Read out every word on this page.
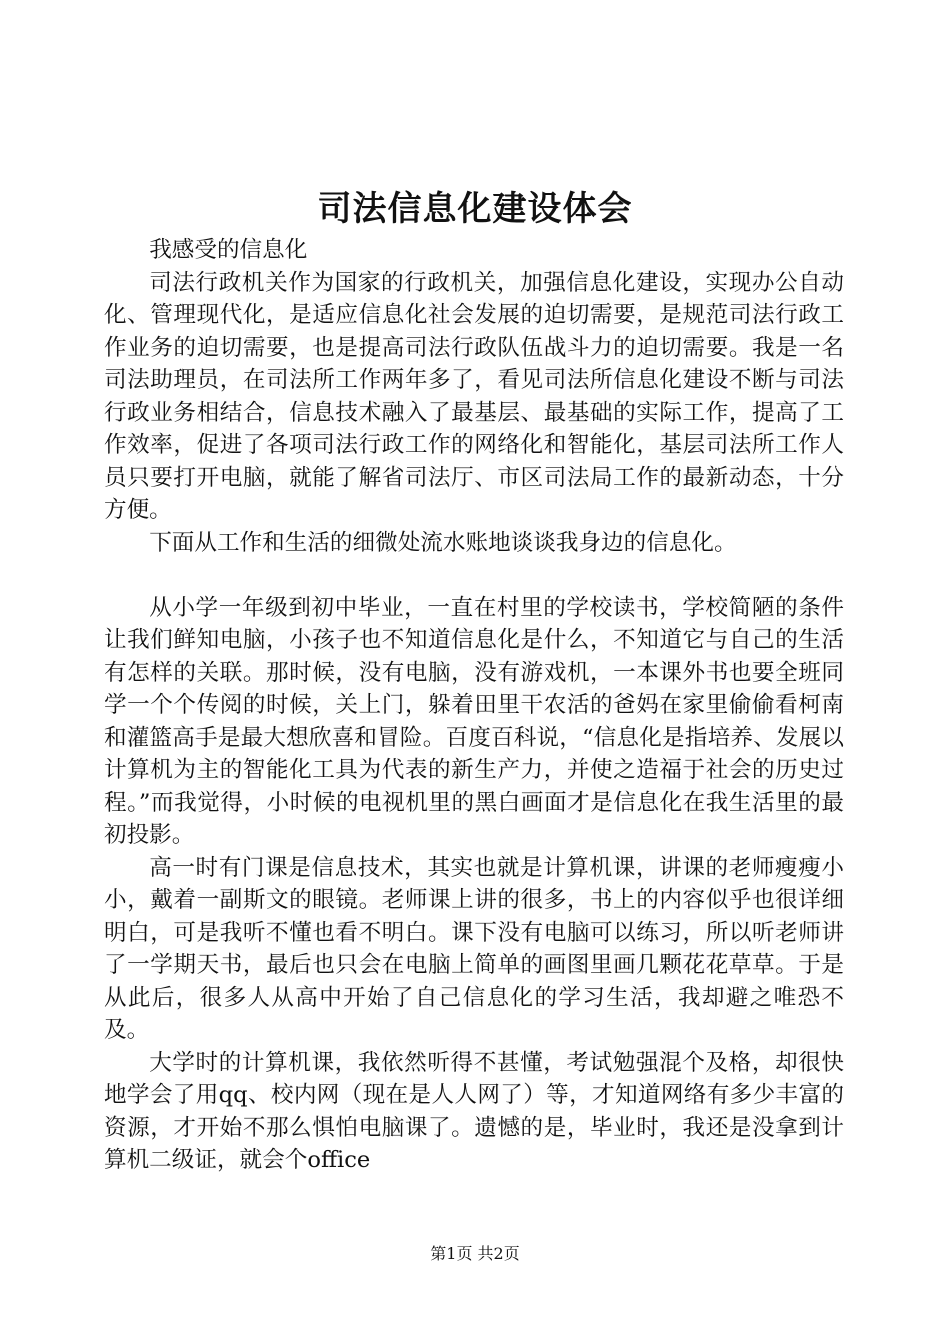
司法信息化建设体会

我感受的信息化

司法行政机关作为国家的行政机关，加强信息化建设，实现办公自动化、管理现代化，是适应信息化社会发展的迫切需要，是规范司法行政工作业务的迫切需要，也是提高司法行政队伍战斗力的迫切需要。我是一名司法助理员，在司法所工作两年多了，看见司法所信息化建设不断与司法行政业务相结合，信息技术融入了最基层、最基础的实际工作，提高了工作效率，促进了各项司法行政工作的网络化和智能化，基层司法所工作人员只要打开电脑，就能了解省司法厅、市区司法局工作的最新动态，十分方便。

下面从工作和生活的细微处流水账地谈谈我身边的信息化。

从小学一年级到初中毕业，一直在村里的学校读书，学校简陋的条件让我们鲜知电脑，小孩子也不知道信息化是什么，不知道它与自己的生活有怎样的关联。那时候，没有电脑，没有游戏机，一本课外书也要全班同学一个个传阅的时候，关上门，躲着田里干农活的爸妈在家里偷偷看柯南和灌篮高手是最大想欣喜和冒险。百度百科说，“信息化是指培养、发展以计算机为主的智能化工具为代表的新生产力，并使之造福于社会的历史过程。”而我觉得，小时候的电视机里的黑白画面才是信息化在我生活里的最初投影。

高一时有门课是信息技术，其实也就是计算机课，讲课的老师瘦瘦小小，戴着一副斯文的眼镜。老师课上讲的很多，书上的内容似乎也很详细明白，可是我听不懂也看不明白。课下没有电脑可以练习，所以听老师讲了一学期天书，最后也只会在电脑上简单的画图里画几颗花花草草。于是从此后，很多人从高中开始了自己信息化的学习生活，我却避之唯恐不及。

大学时的计算机课，我依然听得不甚懂，考试勉强混个及格，却很快地学会了用qq、校内网（现在是人人网了）等，才知道网络有多少丰富的资源，才开始不那么惧怕电脑课了。遗憾的是，毕业时，我还是没拿到计算机二级证，就会个office

第1页 共2页
